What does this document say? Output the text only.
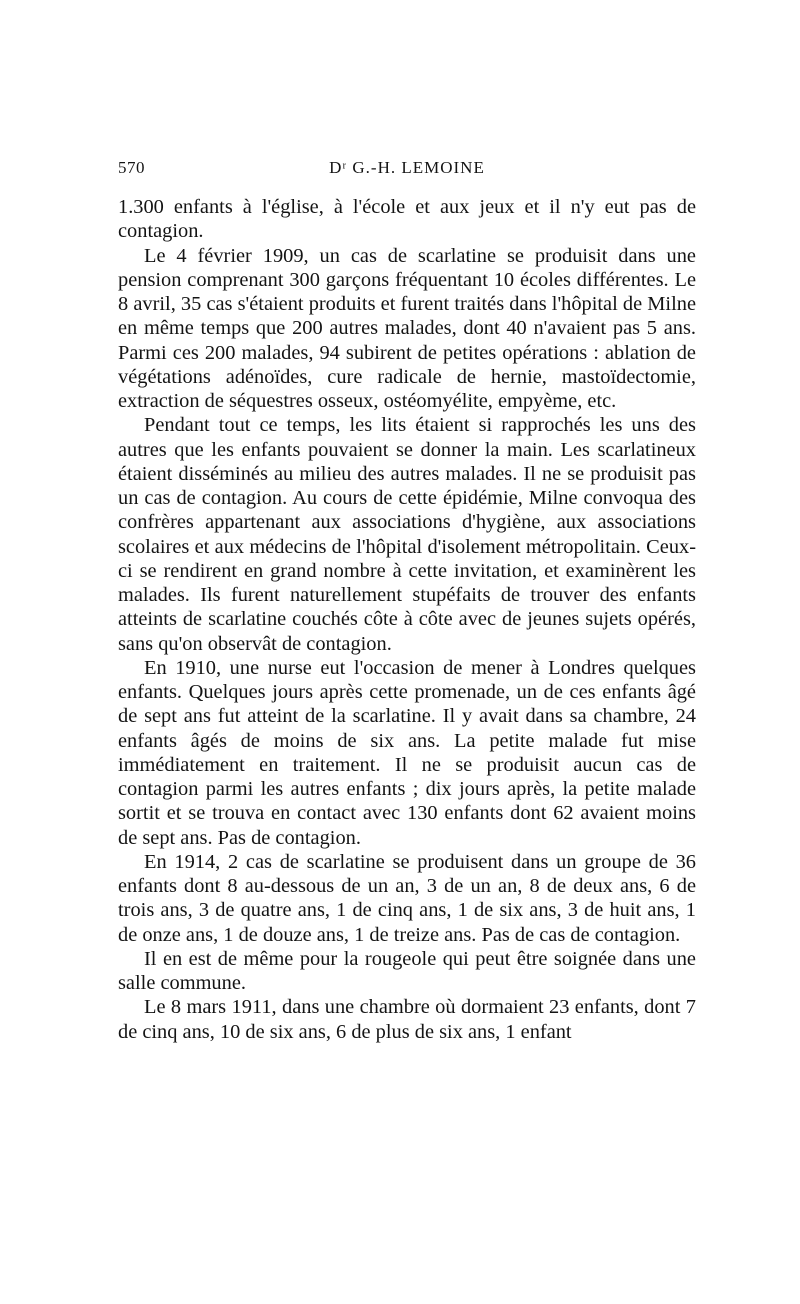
570	Dʳ G.-H. LEMOINE

1.300 enfants à l'église, à l'école et aux jeux et il n'y eut pas de contagion.

Le 4 février 1909, un cas de scarlatine se produisit dans une pension comprenant 300 garçons fréquentant 10 écoles différentes. Le 8 avril, 35 cas s'étaient produits et furent traités dans l'hôpital de Milne en même temps que 200 autres malades, dont 40 n'avaient pas 5 ans. Parmi ces 200 malades, 94 subirent de petites opérations : ablation de végétations adénoïdes, cure radicale de hernie, mastoïdectomie, extraction de séquestres osseux, ostéomyélite, empyème, etc.

Pendant tout ce temps, les lits étaient si rapprochés les uns des autres que les enfants pouvaient se donner la main. Les scarlatineux étaient disséminés au milieu des autres malades. Il ne se produisit pas un cas de contagion. Au cours de cette épidémie, Milne convoqua des confrères appartenant aux associations d'hygiène, aux associations scolaires et aux médecins de l'hôpital d'isolement métropolitain. Ceux-ci se rendirent en grand nombre à cette invitation, et examinèrent les malades. Ils furent naturellement stupéfaits de trouver des enfants atteints de scarlatine couchés côte à côte avec de jeunes sujets opérés, sans qu'on observât de contagion.

En 1910, une nurse eut l'occasion de mener à Londres quelques enfants. Quelques jours après cette promenade, un de ces enfants âgé de sept ans fut atteint de la scarlatine. Il y avait dans sa chambre, 24 enfants âgés de moins de six ans. La petite malade fut mise immédiatement en traitement. Il ne se produisit aucun cas de contagion parmi les autres enfants ; dix jours après, la petite malade sortit et se trouva en contact avec 130 enfants dont 62 avaient moins de sept ans. Pas de contagion.

En 1914, 2 cas de scarlatine se produisent dans un groupe de 36 enfants dont 8 au-dessous de un an, 3 de un an, 8 de deux ans, 6 de trois ans, 3 de quatre ans, 1 de cinq ans, 1 de six ans, 3 de huit ans, 1 de onze ans, 1 de douze ans, 1 de treize ans. Pas de cas de contagion.

Il en est de même pour la rougeole qui peut être soignée dans une salle commune.

Le 8 mars 1911, dans une chambre où dormaient 23 enfants, dont 7 de cinq ans, 10 de six ans, 6 de plus de six ans, 1 enfant
